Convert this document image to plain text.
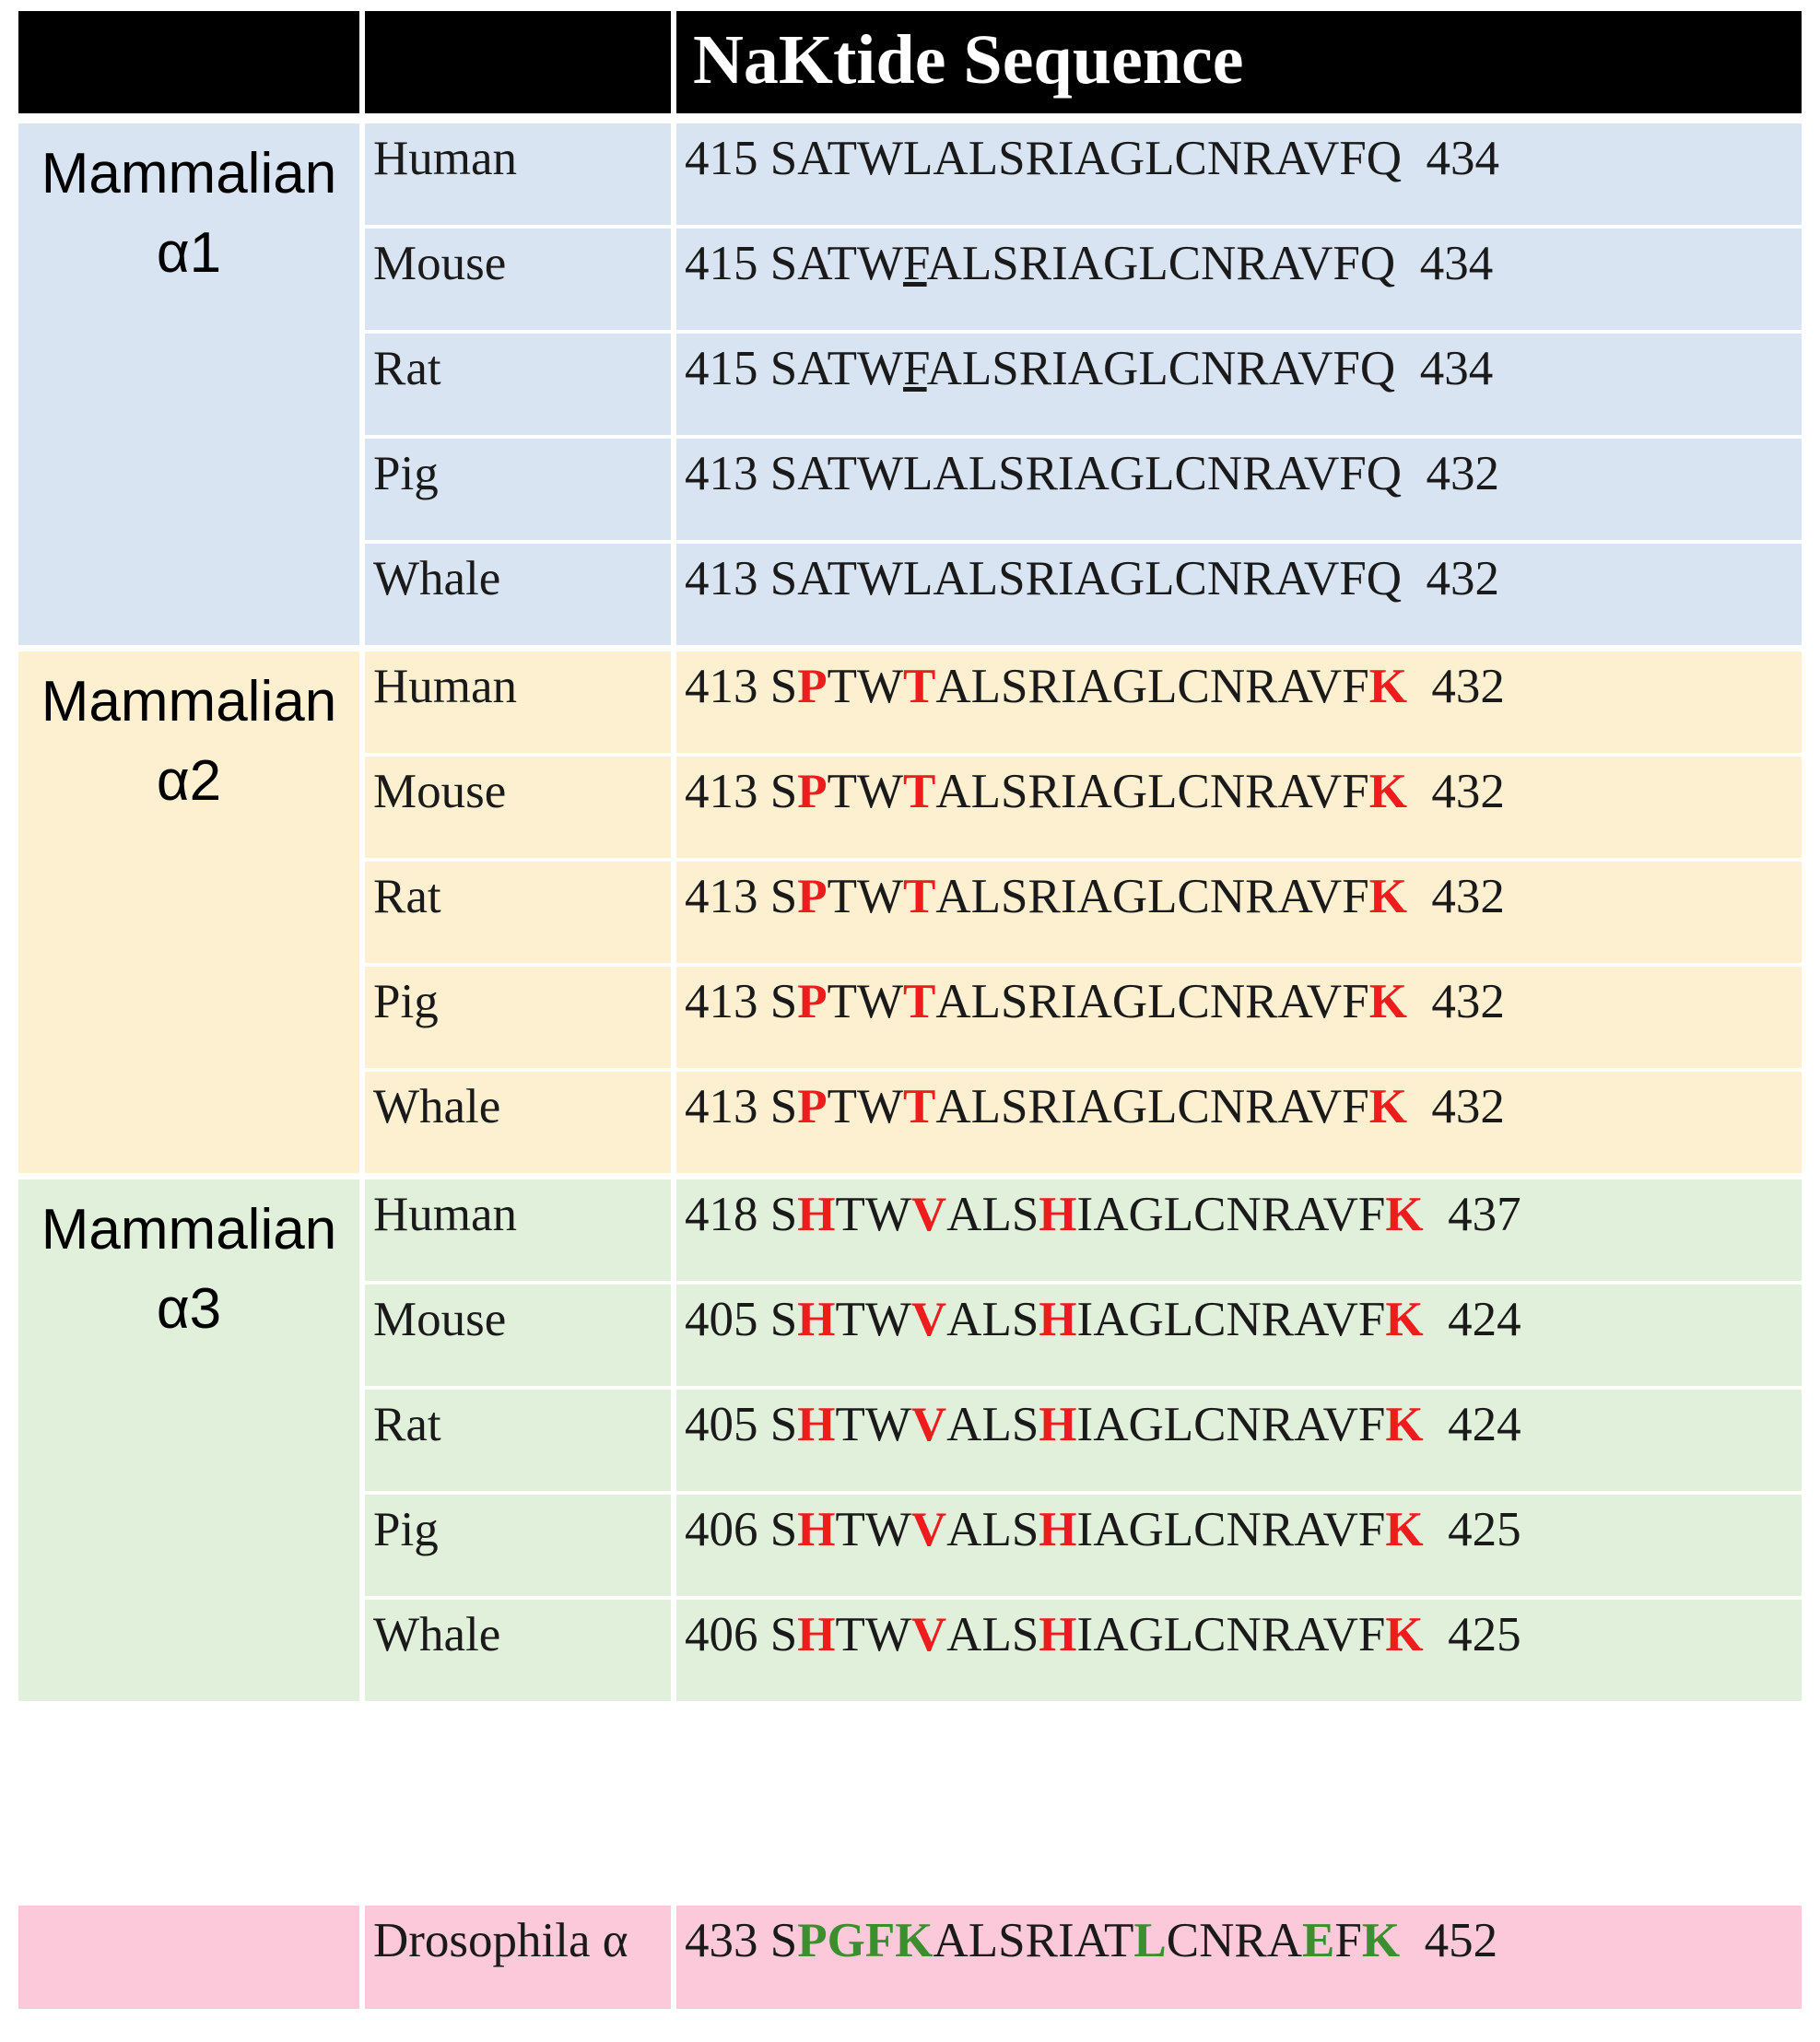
NaKtide Sequence
Mammalian
α1
Human	415 SATWLALSRIAGLCNRAVFQ 434
Mouse	415 SATWFALSRIAGLCNRAVFQ 434
Rat	415 SATWFALSRIAGLCNRAVFQ 434
Pig	413 SATWLALSRIAGLCNRAVFQ 432
Whale	413 SATWLALSRIAGLCNRAVFQ 432
Mammalian
α2
Human	413 SPTWTALSRIAGLCNRAVFK 432
Mouse	413 SPTWTALSRIAGLCNRAVFK 432
Rat	413 SPTWTALSRIAGLCNRAVFK 432
Pig	413 SPTWTALSRIAGLCNRAVFK 432
Whale	413 SPTWTALSRIAGLCNRAVFK 432
Mammalian
α3
Human	418 SHTWVALSHIAGLCNRAVFK 437
Mouse	405 SHTWVALSHIAGLCNRAVFK 424
Rat	405 SHTWVALSHIAGLCNRAVFK 424
Pig	406 SHTWVALSHIAGLCNRAVFK 425
Whale	406 SHTWVALSHIAGLCNRAVFK 425
Drosophila α	433 SPGFKALSRIATLCNRAEFK 452
